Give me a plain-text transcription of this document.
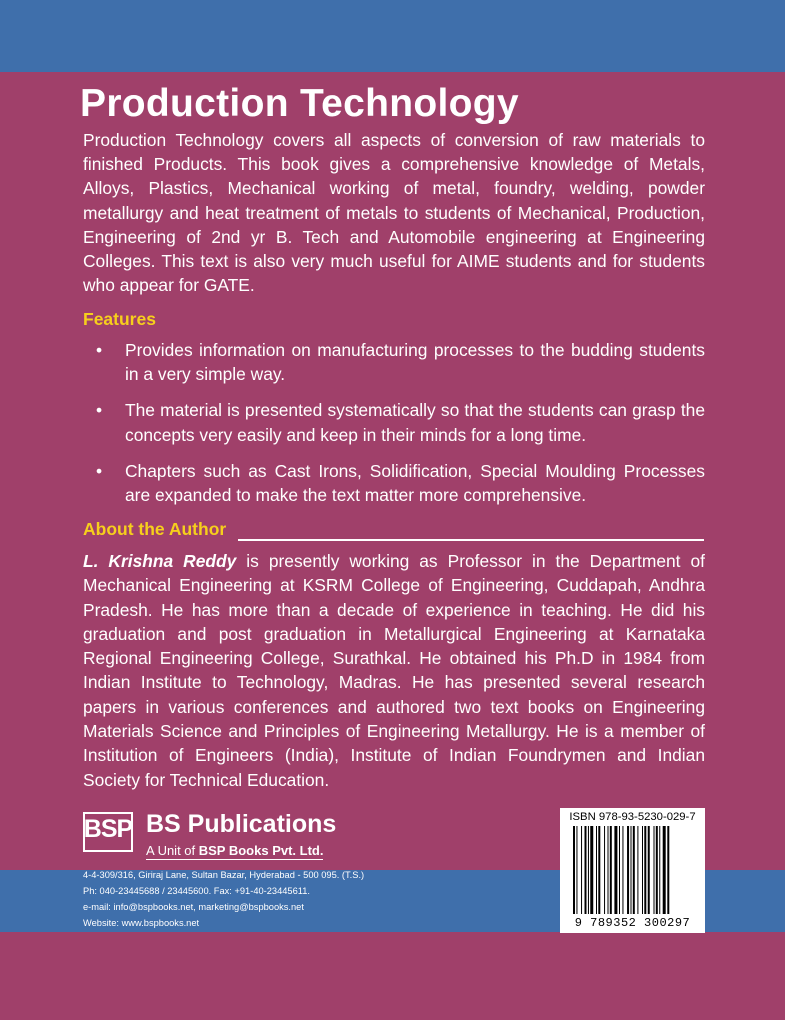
Production Technology
Production Technology covers all aspects of conversion of raw materials to finished Products. This book gives a comprehensive knowledge of Metals, Alloys, Plastics, Mechanical working of metal, foundry, welding, powder metallurgy and heat treatment of metals to students of Mechanical, Production, Engineering of 2nd yr B. Tech and Automobile engineering at Engineering Colleges. This text is also very much useful for AIME students and for students who appear for GATE.
Features
• Provides information on manufacturing processes to the budding students in a very simple way.
• The material is presented systematically so that the students can grasp the concepts very easily and keep in their minds for a long time.
• Chapters such as Cast Irons, Solidification, Special Moulding Processes are expanded to make the text matter more comprehensive.
About the Author
L. Krishna Reddy is presently working as Professor in the Department of Mechanical Engineering at KSRM College of Engineering, Cuddapah, Andhra Pradesh. He has more than a decade of experience in teaching. He did his graduation and post graduation in Metallurgical Engineering at Karnataka Regional Engineering College, Surathkal. He obtained his Ph.D in 1984 from Indian Institute to Technology, Madras. He has presented several research papers in various conferences and authored two text books on Engineering Materials Science and Principles of Engineering Metallurgy. He is a member of Institution of Engineers (India), Institute of Indian Foundrymen and Indian Society for Technical Education.
BSP BS Publications
A Unit of BSP Books Pvt. Ltd.
4-4-309/316, Giriraj Lane, Sultan Bazar, Hyderabad - 500 095. (T.S.)
Ph: 040-23445688 / 23445600. Fax: +91-40-23445611.
e-mail: info@bspbooks.net, marketing@bspbooks.net
Website: www.bspbooks.net
ISBN 978-93-5230-029-7
9 789352 300297
